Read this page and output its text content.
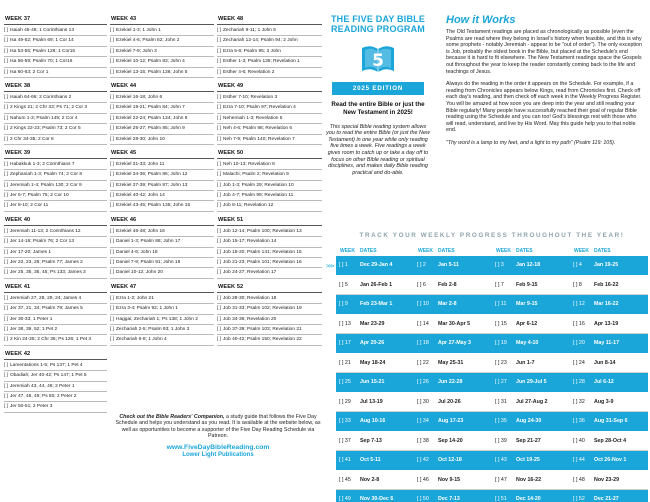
WEEK 37
[ ] Isaiah 45-48; 1 Corinthians 13
[ ] Isa 49-52; Psalm 69; 1 Cor 14
[ ] Isa 53-55; Psalm 128; 1 Cor15
[ ] Isa 56-59; Psalm 70; 1 Cor16
[ ] Isa 60-63; 2 Cor 1
WEEK 38
[ ] Isaiah 64-66; 2 Corinthians 2
[ ] 2 Kings 21; 2 Chr 33; Ps 71; 2 Cor 3
[ ] Nahum 1-3; Psalm 149; 2 Cor 4
[ ] 2 Kings 22-23; Psalm 73; 2 Cor 5
[ ] 2 Chr 34-35; 2 Cor 6
WEEK 39
[ ] Habakkuk 1-3; 2 Corinthians 7
[ ] Zephaniah 1-3; Psalm 74; 2 Cor 8
[ ] Jeremiah 1-4; Psalm 130; 2 Cor 9
[ ] Jer 5-7; Psalm 75; 2 Cor 10
[ ] Jer 8-10; 2 Cor 11
WEEK 40
[ ] Jeremiah 11-13; 2 Corinthians 12
[ ] Jer 14-16; Psalm 76; 2 Cor 13
[ ] Jer 17-20; James 1
[ ] Jer 22, 23, 26; Psalm 77; James 2
[ ] Jer 25, 35, 36, 45; Ps 133; James 3
WEEK 41
[ ] Jeremiah 27, 28, 29, 24; James 4
[ ] Jer 37, 21, 34; Psalm 79; James 5
[ ] Jer 30-33; 1 Peter 1
[ ] Jer 38, 39, 52; 1 Pet 2
[ ] 2 Kin 24-25; 2 Chr 36; Ps 126; 1 Pet 3
WEEK 42
[ ] Lamentations 1-5; Ps 137; 1 Pet 4
[ ] Obadiah; Jer 40-42; Ps 147; 1 Pet 5
[ ] Jeremiah 43, 44, 46; 2 Peter 1
[ ] Jer 47, 48, 49; Ps 80; 2 Peter 2
[ ] Jer 50-51; 2 Peter 3
WEEK 43
[ ] Ezekiel 1-3; 1 John 1
[ ] Ezekiel 4-6; Psalm 82; John 2
[ ] Ezekiel 7-9; John 3
[ ] Ezekiel 10-12; Psalm 83; John 4
[ ] Ezekiel 13-15; Psalm 136; John 5
WEEK 44
[ ] Ezekiel 16-18; John 6
[ ] Ezekiel 19-21; Psalm 84; John 7
[ ] Ezekiel 22-24; Psalm 134; John 8
[ ] Ezekiel 25-27; Psalm 85; John 9
[ ] Ezekiel 28-30; John 10
WEEK 45
[ ] Ezekiel 31-33; John 11
[ ] Ezekiel 34-36; Psalm 86; John 12
[ ] Ezekiel 37-39; Psalm 87; John 13
[ ] Ezekiel 40-42; John 14
[ ] Ezekiel 43-45; Psalm 135; John 15
WEEK 46
[ ] Ezekiel 46-48; John 16
[ ] Daniel 1-3; Psalm 88; John 17
[ ] Daniel 4-6; John 18
[ ] Daniel 7-9; Psalm 91; John 19
[ ] Daniel 10-12; John 20
WEEK 47
[ ] Ezra 1-2; John 21
[ ] Ezra 3-4; Psalm 92; 1 John 1
[ ] Haggai; Zechariah 1; Ps 138; 1 John 2
[ ] Zechariah 2-5; Psalm 93; 1 John 3
[ ] Zechariah 6-8; 1 John 4
WEEK 48
[ ] Zechariah 9-11; 1 John 5
[ ] Zechariah 12-14; Psalm 94; 2 John
[ ] Ezra 5-6; Psalm 95; 3 John
[ ] Esther 1-3; Psalm 139; Revelation 1
[ ] Esther 4-6; Revelation 2
WEEK 49
[ ] Esther 7-10; Revelation 3
[ ] Ezra 7-10; Psalm 97; Revelation 4
[ ] Nehemiah 1-3; Revelation 5
[ ] Neh 4-6; Psalm 98; Revelation 6
[ ] Neh 7-9; Psalm 140; Revelation 7
WEEK 50
[ ] Neh 10-13; Revelation 8
[ ] Malachi; Psalm 2; Revelation 9
[ ] Job 1-3; Psalm 29; Revelation 10
[ ] Job 4-7; Psalm 99; Revelation 11
[ ] Job 8-11; Revelation 12
WEEK 51
[ ] Job 12-14; Psalm 100; Revelation 13
[ ] Job 15-17; Revelation 14
[ ] Job 18-20; Psalm 141; Revelation 15
[ ] Job 21-23; Psalm 101; Revelation 16
[ ] Job 24-27; Revelation 17
WEEK 52
[ ] Job 28-30; Revelation 18
[ ] Job 31-33; Psalm 102; Revelation 19
[ ] Job 34-36; Revelation 20
[ ] Job 37-39; Psalm 103; Revelation 21
[ ] Job 40-42; Psalm 150; Revelation 22
Check out the Bible Readers' Companion, a study guide that follows the Five Day Schedule and helps you understand as you read. It is available at the website below, as well as opportunities to become a supporter of the Five Day Reading Schedule via Patreon.
www.FiveDayBibleReading.com
Lower Light Publications
THE FIVE DAY BIBLE
READING PROGRAM
5
2025 EDITION
Read the entire Bible or just the New Testament in 2025!
This special Bible reading system allows you to read the entire Bible (or just the New Testament) in one year while only reading five times a week. Five readings a week gives room to catch up or take a day off to focus on other Bible reading or spiritual disciplines, and makes daily Bible reading practical and do-able.
How it Works

The Old Testament readings are placed as chronologically as possible (even the Psalms are read where they belong in Israel's history when feasible, and this is why some prophets - notably Jeremiah - appear to be "out of order"). The only exception is Job, probably the oldest book in the Bible, but placed at the Schedule's end because it is hard to fit elsewhere. The New Testament readings space the Gospels out throughout the year to keep the reader constantly coming back to the life and teachings of Jesus.

Always do the reading in the order it appears on the Schedule. For example, if a reading from Chronicles appears below Kings, read from Chronicles first. Check off each day's reading, and then check off each week in the Weekly Progress Register. You will be amazed at how soon you are deep into the year and still reading your Bible regularly! Many people have successfully reached their goal of regular Bible reading using the Schedule and you can too! God's blessings rest with those who will read, understand, and live by His Word. May this guide help you to that noble end.

"Thy word is a lamp to my feet, and a light to my path" (Psalm 119: 105).

TRACK YOUR WEEKLY PROGRESS THROUGHOUT THE YEAR!
>>>
WEEK	DATES	WEEK	DATES	WEEK	DATES	WEEK	DATES
[ ] 1	Dec 29-Jan 4	[ ] 2	Jan 5-11	[ ] 3	Jan 12-18	[ ] 4	Jan 19-25
[ ] 5	Jan 26-Feb 1	[ ] 6	Feb 2-8	[ ] 7	Feb 9-15	[ ] 8	Feb 16-22
[ ] 9	Feb 23-Mar 1	[ ] 10	Mar 2-8	[ ] 11	Mar 9-15	[ ] 12	Mar 16-22
[ ] 13	Mar 23-29	[ ] 14	Mar 30-Apr 5	[ ] 15	Apr 6-12	[ ] 16	Apr 13-19
[ ] 17	Apr 20-26	[ ] 18	Apr 27-May 3	[ ] 19	May 4-10	[ ] 20	May 11-17
[ ] 21	May 18-24	[ ] 22	May 25-31	[ ] 23	Jun 1-7	[ ] 24	Jun 8-14
[ ] 25	Jun 15-21	[ ] 26	Jun 22-28	[ ] 27	Jun 29-Jul 5	[ ] 28	Jul 6-12
[ ] 29	Jul 13-19	[ ] 30	Jul 20-26	[ ] 31	Jul 27-Aug 2	[ ] 32	Aug 3-9
[ ] 33	Aug 10-16	[ ] 34	Aug 17-23	[ ] 35	Aug 24-30	[ ] 36	Aug 31-Sep 6
[ ] 37	Sep 7-13	[ ] 38	Sep 14-20	[ ] 39	Sep 21-27	[ ] 40	Sep 28-Oct 4
[ ] 41	Oct 5-11	[ ] 42	Oct 12-18	[ ] 43	Oct 19-25	[ ] 44	Oct 26-Nov 1
[ ] 45	Nov 2-8	[ ] 46	Nov 9-15	[ ] 47	Nov 16-22	[ ] 48	Nov 23-29
[ ] 49	Nov 30-Dec 6	[ ] 50	Dec 7-13	[ ] 51	Dec 14-20	[ ] 52	Dec 21-27
